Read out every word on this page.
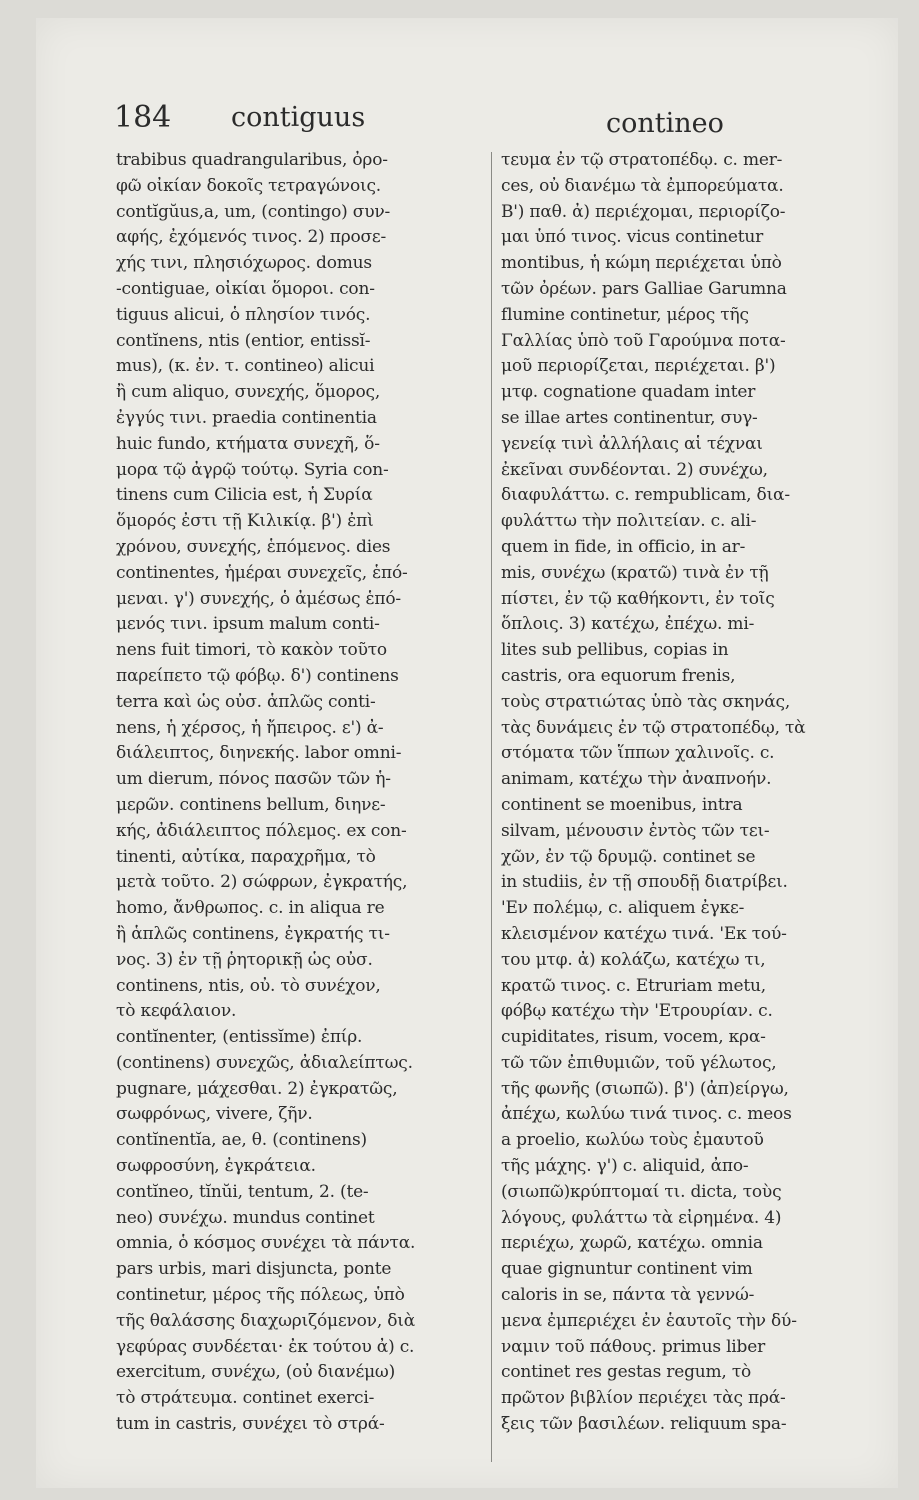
184 contiguus	contineo
trabibus quadrangularibus, ὀρο-
φῶ οἰκίαν δοκοῖς τετραγώνοις.
contĭgŭus,a, um, (contingo) συν-
αφής, ἐχόμενός τινος. 2) προσε-
χής τινι, πλησιόχωρος. domus
-contiguae, οἰκίαι ὅμοροι. con-
tiguus alicui, ὁ πλησίον τινός.
contĭnens, ntis (entior, entissĭ-
mus), (κ. ἐν. τ. contineo) alicui
ἢ cum aliquo, συνεχής, ὅμορος,
ἐγγύς τινι. praedia continentia
huic fundo, κτήματα συνεχῆ, ὅ-
μορα τῷ ἀγρῷ τούτῳ. Syria con-
tinens cum Cilicia est, ἡ Συρία
ὅμορός ἐστι τῇ Κιλικίᾳ. β') ἐπὶ
χρόνου, συνεχής, ἑπόμενος. dies
continentes, ἡμέραι συνεχεῖς, ἑπό-
μεναι. γ') συνεχής, ὁ ἀμέσως ἑπό-
μενός τινι. ipsum malum conti-
nens fuit timori, τὸ κακὸν τοῦτο
παρείπετο τῷ φόβῳ. δ') continens
terra καὶ ὡς οὐσ. ἁπλῶς conti-
nens, ἡ χέρσος, ἡ ἤπειρος. ε') ἀ-
διάλειπτος, διηνεκής. labor omni-
um dierum, πόνος πασῶν τῶν ἡ-
μερῶν. continens bellum, διηνε-
κής, ἀδιάλειπτος πόλεμος. ex con-
tinenti, αὐτίκα, παραχρῆμα, τὸ
μετὰ τοῦτο. 2) σώφρων, ἐγκρατής,
homo, ἄνθρωπος. c. in aliqua re
ἢ ἁπλῶς continens, ἐγκρατής τι-
νος. 3) ἐν τῇ ῥητορικῇ ὡς οὐσ.
continens, ntis, οὐ. τὸ συνέχον,
τὸ κεφάλαιον.
contĭnenter, (entissĭme) ἐπίρ.
(continens) συνεχῶς, ἀδιαλείπτως.
pugnare, μάχεσθαι. 2) ἐγκρατῶς,
σωφρόνως, vivere, ζῆν.
contĭnentĭa, ae, θ. (continens)
σωφροσύνη, ἐγκράτεια.
contĭneo, tĭnŭi, tentum, 2. (te-
neo) συνέχω. mundus continet
omnia, ὁ κόσμος συνέχει τὰ πάντα.
pars urbis, mari disjuncta, ponte
continetur, μέρος τῆς πόλεως, ὑπὸ
τῆς θαλάσσης διαχωριζόμενον, διὰ
γεφύρας συνδέεται· ἐκ τούτου ἀ) c.
exercitum, συνέχω, (οὐ διανέμω)
τὸ στράτευμα. continet exerci-
tum in castris, συνέχει τὸ στρά-
τευμα ἐν τῷ στρατοπέδῳ. c. mer-
ces, οὐ διανέμω τὰ ἐμπορεύματα.
Β') παθ. ἀ) περιέχομαι, περιορίζο-
μαι ὑπό τινος. vicus continetur
montibus, ἡ κώμη περιέχεται ὑπὸ
τῶν ὀρέων. pars Galliae Garumna
flumine continetur, μέρος τῆς
Γαλλίας ὑπὸ τοῦ Γαρούμνα ποτα-
μοῦ περιορίζεται, περιέχεται. β')
μτφ. cognatione quadam inter
se illae artes continentur, συγ-
γενείᾳ τινὶ ἀλλήλαις αἱ τέχναι
ἐκεῖναι συνδέονται. 2) συνέχω,
διαφυλάττω. c. rempublicam, δια-
φυλάττω τὴν πολιτείαν. c. ali-
quem in fide, in officio, in ar-
mis, συνέχω (κρατῶ) τινὰ ἐν τῇ
πίστει, ἐν τῷ καθήκοντι, ἐν τοῖς
ὅπλοις. 3) κατέχω, ἐπέχω. mi-
lites sub pellibus, copias in
castris, ora equorum frenis,
τοὺς στρατιώτας ὑπὸ τὰς σκηνάς,
τὰς δυνάμεις ἐν τῷ στρατοπέδῳ, τὰ
στόματα τῶν ἵππων χαλινοῖς. c.
animam, κατέχω τὴν ἀναπνοήν.
continent se moenibus, intra
silvam, μένουσιν ἐντὸς τῶν τει-
χῶν, ἐν τῷ δρυμῷ. continet se
in studiis, ἐν τῇ σπουδῇ διατρίβει.
'Εν πολέμῳ, c. aliquem ἐγκε-
κλεισμένον κατέχω τινά. 'Εκ τού-
του μτφ. ἀ) κολάζω, κατέχω τι,
κρατῶ τινος. c. Etruriam metu,
φόβῳ κατέχω τὴν 'Ετρουρίαν. c.
cupiditates, risum, vocem, κρα-
τῶ τῶν ἐπιθυμιῶν, τοῦ γέλωτος,
τῆς φωνῆς (σιωπῶ). β') (ἀπ)είργω,
ἀπέχω, κωλύω τινά τινος. c. meos
a proelio, κωλύω τοὺς ἐμαυτοῦ
τῆς μάχης. γ') c. aliquid, ἀπο-
(σιωπῶ)κρύπτομαί τι. dicta, τοὺς
λόγους, φυλάττω τὰ εἰρημένα. 4)
περιέχω, χωρῶ, κατέχω. omnia
quae gignuntur continent vim
caloris in se, πάντα τὰ γεννώ-
μενα ἐμπεριέχει ἐν ἑαυτοῖς τὴν δύ-
ναμιν τοῦ πάθους. primus liber
continet res gestas regum, τὸ
πρῶτον βιβλίον περιέχει τὰς πρά-
ξεις τῶν βασιλέων. reliquum spa-
